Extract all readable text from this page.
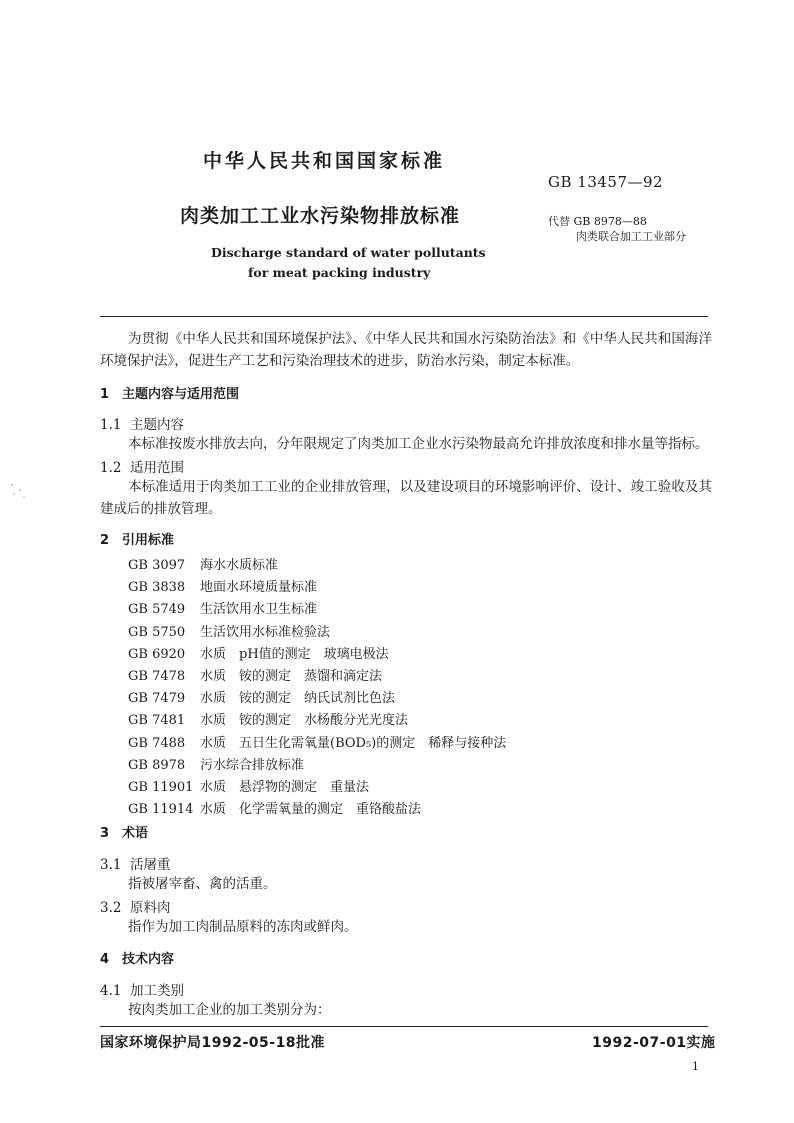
中华人民共和国国家标准
GB 13457—92
肉类加工工业水污染物排放标准	代替 GB 8978—88
肉类联合加工工业部分
Discharge standard of water pollutants
for meat packing industry
为贯彻《中华人民共和国环境保护法》、《中华人民共和国水污染防治法》和《中华人民共和国海洋环境保护法》，促进生产工艺和污染治理技术的进步，防治水污染，制定本标准。
1 主题内容与适用范围
1.1 主题内容
本标准按废水排放去向，分年限规定了肉类加工企业水污染物最高允许排放浓度和排水量等指标。
1.2 适用范围
本标准适用于肉类加工工业的企业排放管理，以及建设项目的环境影响评价、设计、竣工验收及其建成后的排放管理。
2 引用标准
GB 3097 海水水质标准
GB 3838 地面水环境质量标准
GB 5749 生活饮用水卫生标准
GB 5750 生活饮用水标准检验法
GB 6920 水质　pH值的测定　玻璃电极法
GB 7478 水质　铵的测定　蒸馏和滴定法
GB 7479 水质　铵的测定　纳氏试剂比色法
GB 7481 水质　铵的测定　水杨酸分光光度法
GB 7488 水质　五日生化需氧量(BOD₅)的测定　稀释与接种法
GB 8978 污水综合排放标准
GB 11901 水质　悬浮物的测定　重量法
GB 11914 水质　化学需氧量的测定　重铬酸盐法
3 术语
3.1 活屠重
指被屠宰畜、禽的活重。
3.2 原料肉
指作为加工肉制品原料的冻肉或鲜肉。
4 技术内容
4.1 加工类别
按肉类加工企业的加工类别分为：
国家环境保护局1992-05-18批准	1992-07-01实施
1
